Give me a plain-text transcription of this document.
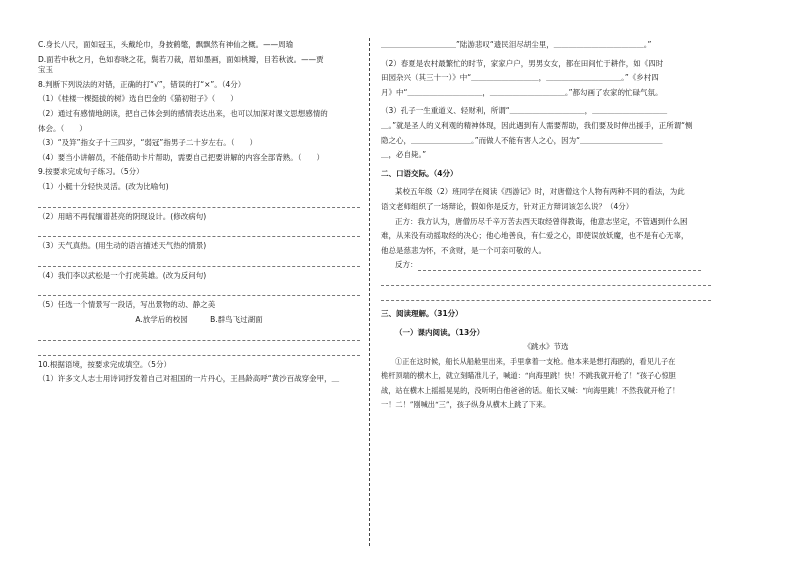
C.身长八尺，面如冠玉，头戴纶巾，身披鹤氅，飘飘然有神仙之概。——周瑜

D.面若中秋之月，色如春晓之花，鬓若刀裁，眉如墨画，面如桃瓣，目若秋波。——贾

宝玉

8.判断下列说法的对错，正确的打“√”，错误的打“×”。（4分）

（1）《桂楼一棵挺拔的树》选自巴金的《猫初钳子》（　　）

（2）通过有感情地朗读，把自己体会到的感情表达出来，也可以加深对课文思想感情的

体会。（　　）

（3）“及笄”指女子十三四岁，“弱冠”指男子二十岁左右。（　　）

（4）要当小讲解员，不能借助卡片帮助，需要自己把要讲解的内容全部背熟。（　　）

9.按要求完成句子练习。（5分）

（1）小艇十分轻快灵活。(改为比喻句)

（2）用暗不再侃缅谱甚亮的阴现设计。(修改病句)

（3）天气真热。(用生动的语言描述天气热的情景)

（4）我们李以武松是一个打虎英雄。(改为反问句)

（5）任选一个情景写一段话，写出景物的动、静之美

A.放学后的校园	B.群鸟飞过湖面

10.根据语境，按要求完成填空。（5分）

（1）许多文人志士用诗词抒发着自己对祖国的一片丹心，王昌龄高呼“黄沙百战穿金甲，＿

＿＿＿＿＿＿＿＿＿＿”陆游悲叹“遗民泪尽胡尘里，＿＿＿＿＿＿＿＿＿＿＿＿。”

（2）春夏是农村最繁忙的时节，家家户户，男男女女，都在田间忙于耕作，如《四时

田园杂兴（其三十一）》中“＿＿＿＿＿＿＿＿＿，＿＿＿＿＿＿＿＿＿＿。”《乡村四

月》中“＿＿＿＿＿＿＿＿＿＿，＿＿＿＿＿＿＿＿＿＿。”都勾画了农家的忙碌气氛。

（3）孔子一生重道义、轻财利，所谓“＿＿＿＿＿＿＿＿＿＿，＿＿＿＿＿＿＿＿＿＿

＿。”就是圣人的义利观的精神体现，因此遇到有人需要帮助，我们要及时伸出援手，正所谓“恻

隐之心，＿＿＿＿＿＿＿＿。”而做人不能有害人之心，因为“＿＿＿＿＿＿＿＿＿＿＿

＿，必自毙。”

二、口语交际。（4分）

某校五年级（2）班同学在阅读《西游记》时，对唐僧这个人物有两种不同的看法，为此

语文老师组织了一场辩论，假如你是反方，针对正方辩词该怎么说？（4分）

正方：我方认为，唐僧历尽千辛万苦去西天取经曾得教诲，他意志坚定，不管遇到什么困

难，从来没有动摇取经的决心；他心地善良，有仁爱之心，即使误放妖魔，也不是有心无辜，

他总是慈悲为怀，不贪财，是一个可亲可敬的人。

反方：

三、阅读理解。（31分）

（一）课内阅读。（13分）

《跳水》节选

①正在这时候，船长从船舱里出来，手里拿着一支枪。他本来是想打海鸥的，看见儿子在

桅杆顶端的横木上，就立刻瞄准儿子，喊道：“向海里跳！快！不跳我就开枪了！”孩子心惊胆

战，站在横木上摇摇晃晃的，没听明白他爸爸的话。船长又喊：“向海里跳！不然我就开枪了！

一！二！”刚喊出“三”，孩子纵身从横木上跳了下来。
